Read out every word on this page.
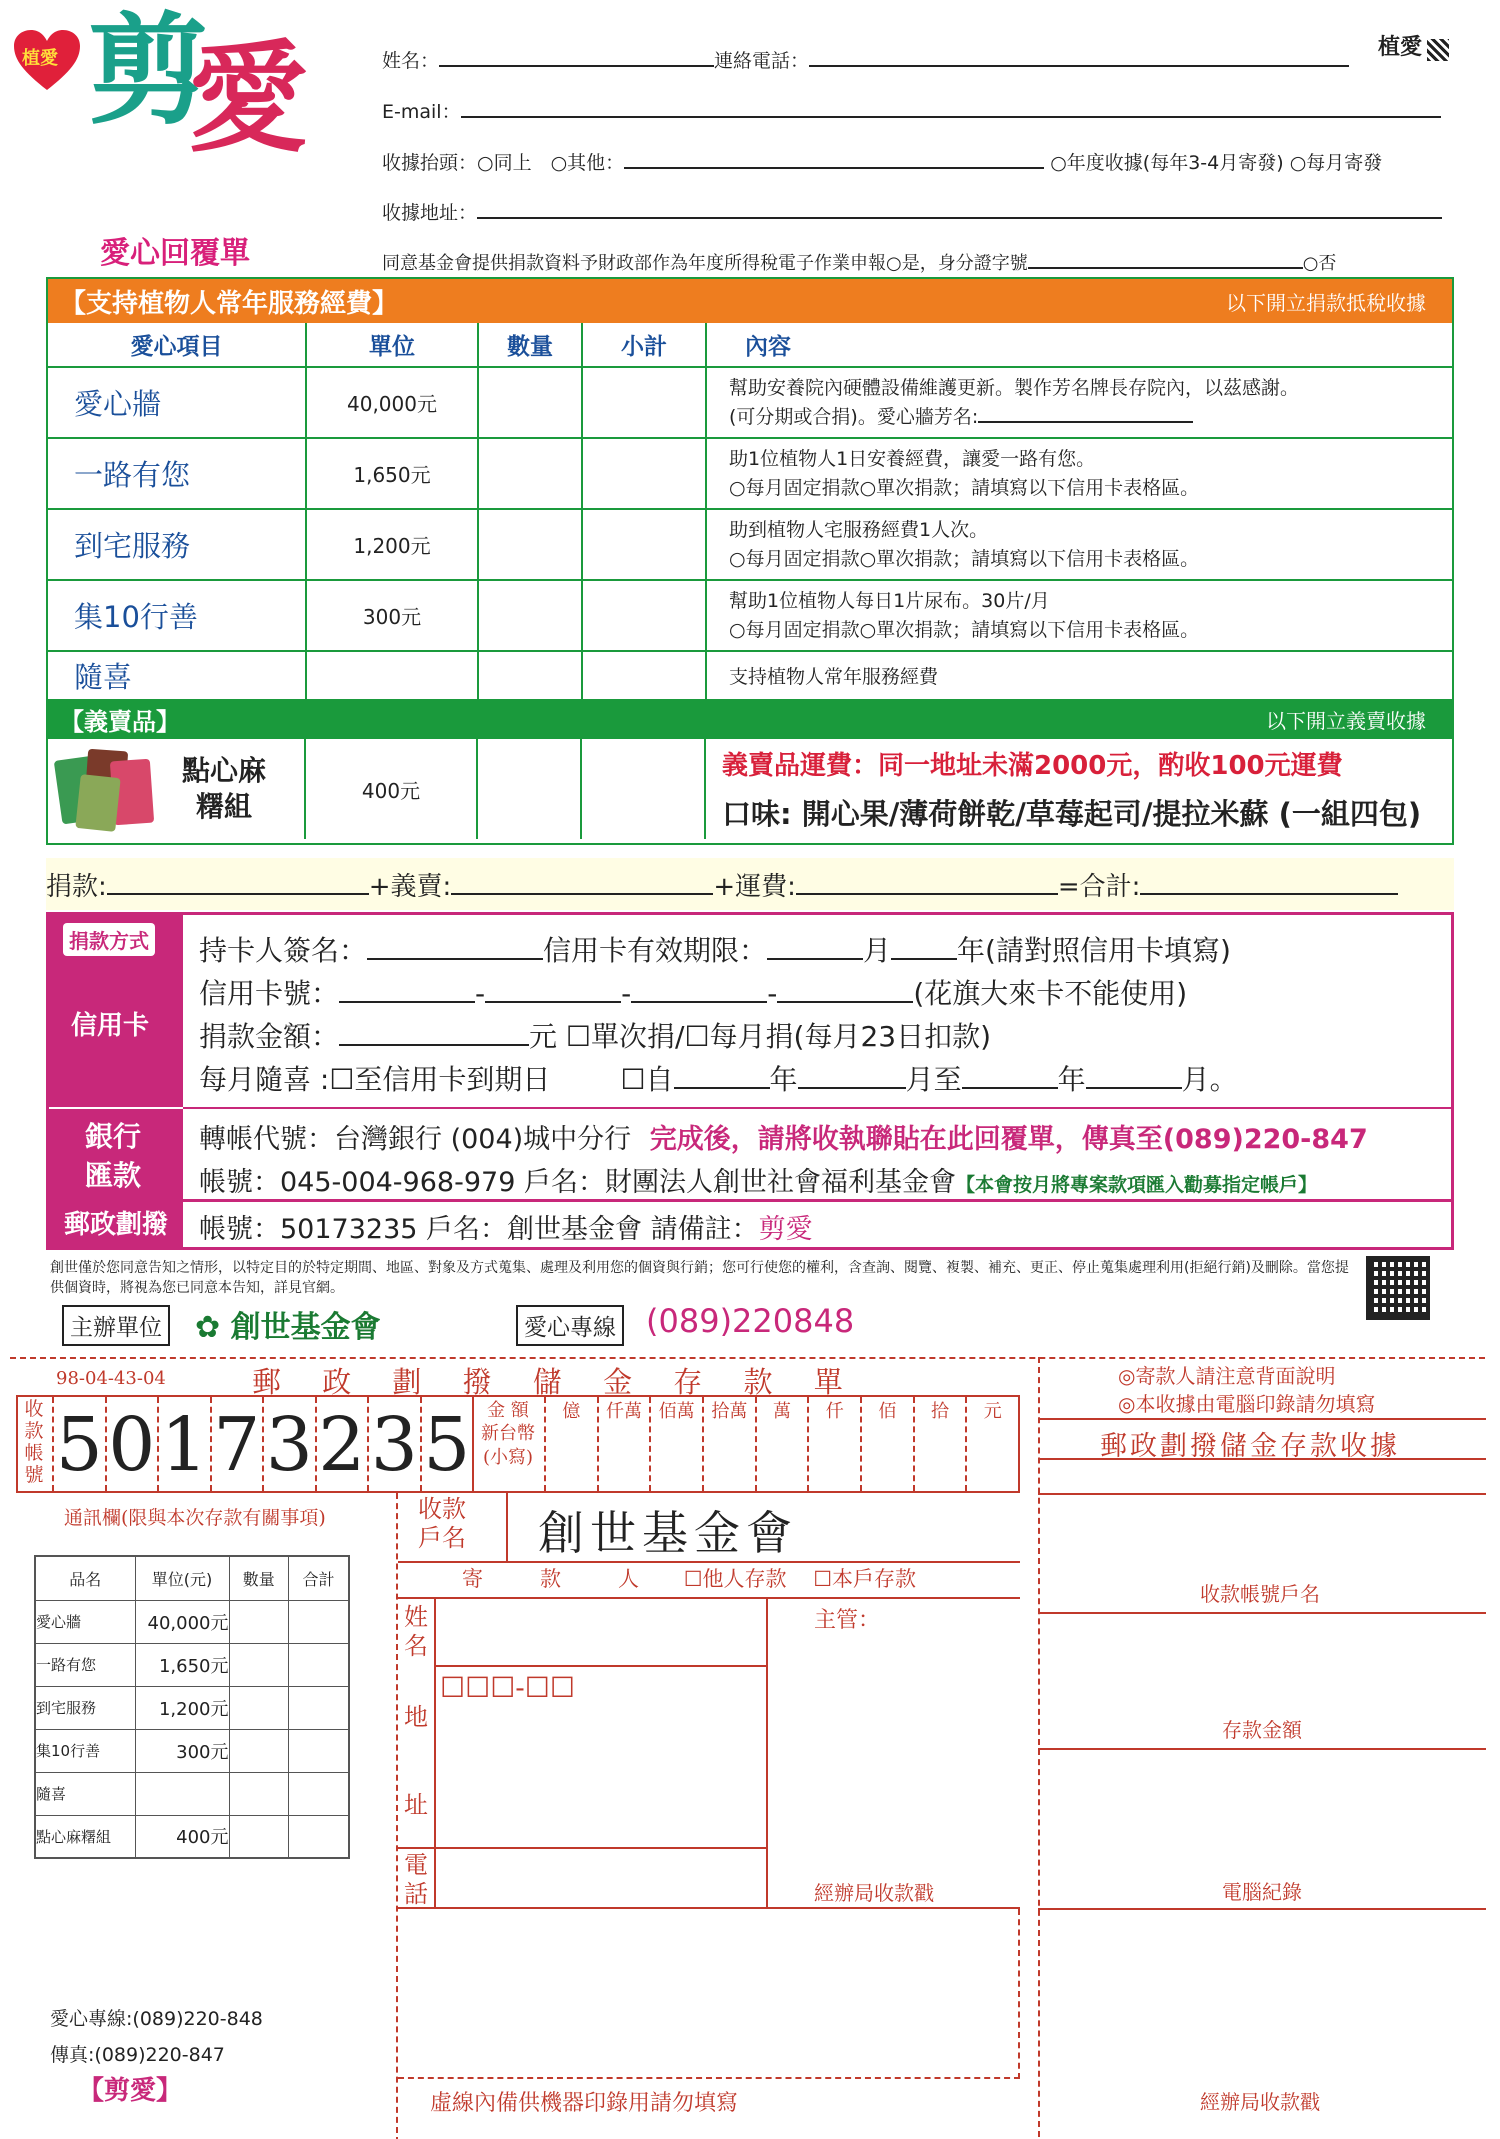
植愛 剪
愛
愛心回覆單
植愛
姓名：	連絡電話：
E-mail：
收據抬頭：○同上　○其他：	○年度收據(每年3-4月寄發) ○每月寄發
收據地址：
同意基金會提供捐款資料予財政部作為年度所得稅電子作業申報○是，身分證字號	○否
【支持植物人常年服務經費】	以下開立捐款抵稅收據
愛心項目	單位	數量	小計	內容
愛心牆	40,000元			幫助安養院內硬體設備維護更新。製作芳名牌長存院內，以茲感謝。
(可分期或合捐)。愛心牆芳名:

一路有您	1,650元			助1位植物人1日安養經費，讓愛一路有您。
○每月固定捐款○單次捐款；請填寫以下信用卡表格區。

到宅服務	1,200元			助到植物人宅服務經費1人次。
○每月固定捐款○單次捐款；請填寫以下信用卡表格區。

集10行善	300元			幫助1位植物人每日1片尿布。30片/月
○每月固定捐款○單次捐款；請填寫以下信用卡表格區。

隨喜				支持植物人常年服務經費
【義賣品】	以下開立義賣收據
點心麻
糬組	400元
義賣品運費：同一地址未滿2000元，酌收100元運費
口味: 開心果/薄荷餅乾/草莓起司/提拉米蘇 (一組四包)
捐款:	+義賣:	+運費:	=合計:
捐款方式
信用卡
銀行
匯款
郵政劃撥
持卡人簽名：	信用卡有效期限：	月 年(請對照信用卡填寫)
信用卡號：	-	-	-	(花旗大來卡不能使用)
捐款金額：	元 ☐單次捐/☐每月捐(每月23日扣款)
每月隨喜 :☐至信用卡到期日	☐自	年	月至	年	月。
轉帳代號：台灣銀行 (004)城中分行 完成後，請將收執聯貼在此回覆單，傳真至(089)220-847
帳號：045-004-968-979 戶名：財團法人創世社會福利基金會【本會按月將專案款項匯入勸募指定帳戶】
帳號：50173235 戶名：創世基金會 請備註：剪愛
創世僅於您同意告知之情形，以特定目的於特定期間、地區、對象及方式蒐集、處理及利用您的個資與行銷；您可行使您的權利，含查詢、閱覽、複製、補充、更正、停止蒐集處理利用(拒絕行銷)及刪除。當您提供個資時，將視為您已同意本告知，詳見官網。
主辦單位 ✿ 創世基金會	愛心專線 (089)220848
98-04-43-04	郵 政 劃 撥 儲 金 存 款 單	◎寄款人請注意背面說明
◎本收據由電腦印錄請勿填寫
收款帳號 5 0 1 7 3 2 3 5 金 額
新台幣
(小寫)
億	仟萬 佰萬 拾萬	萬	仟	佰	拾	元
郵政劃撥儲金存款收據
通訊欄(限與本次存款有關事項)	收款戶名 創世基金會
寄　款　人 ☐他人存款 ☐本戶存款
姓名
地
址
☐☐☐-☐☐
電話
主管：
經辦局收款戳
虛線內備供機器印錄用請勿填寫
收款帳號戶名
存款金額
電腦紀錄
經辦局收款戳
品名	單位(元)	數量	合計
愛心牆	40,000元		
一路有您	1,650元		
到宅服務	1,200元		
集10行善	300元		
隨喜			
點心麻糬組	400元		
愛心專線:(089)220-848
傳真:(089)220-847
【剪愛】
